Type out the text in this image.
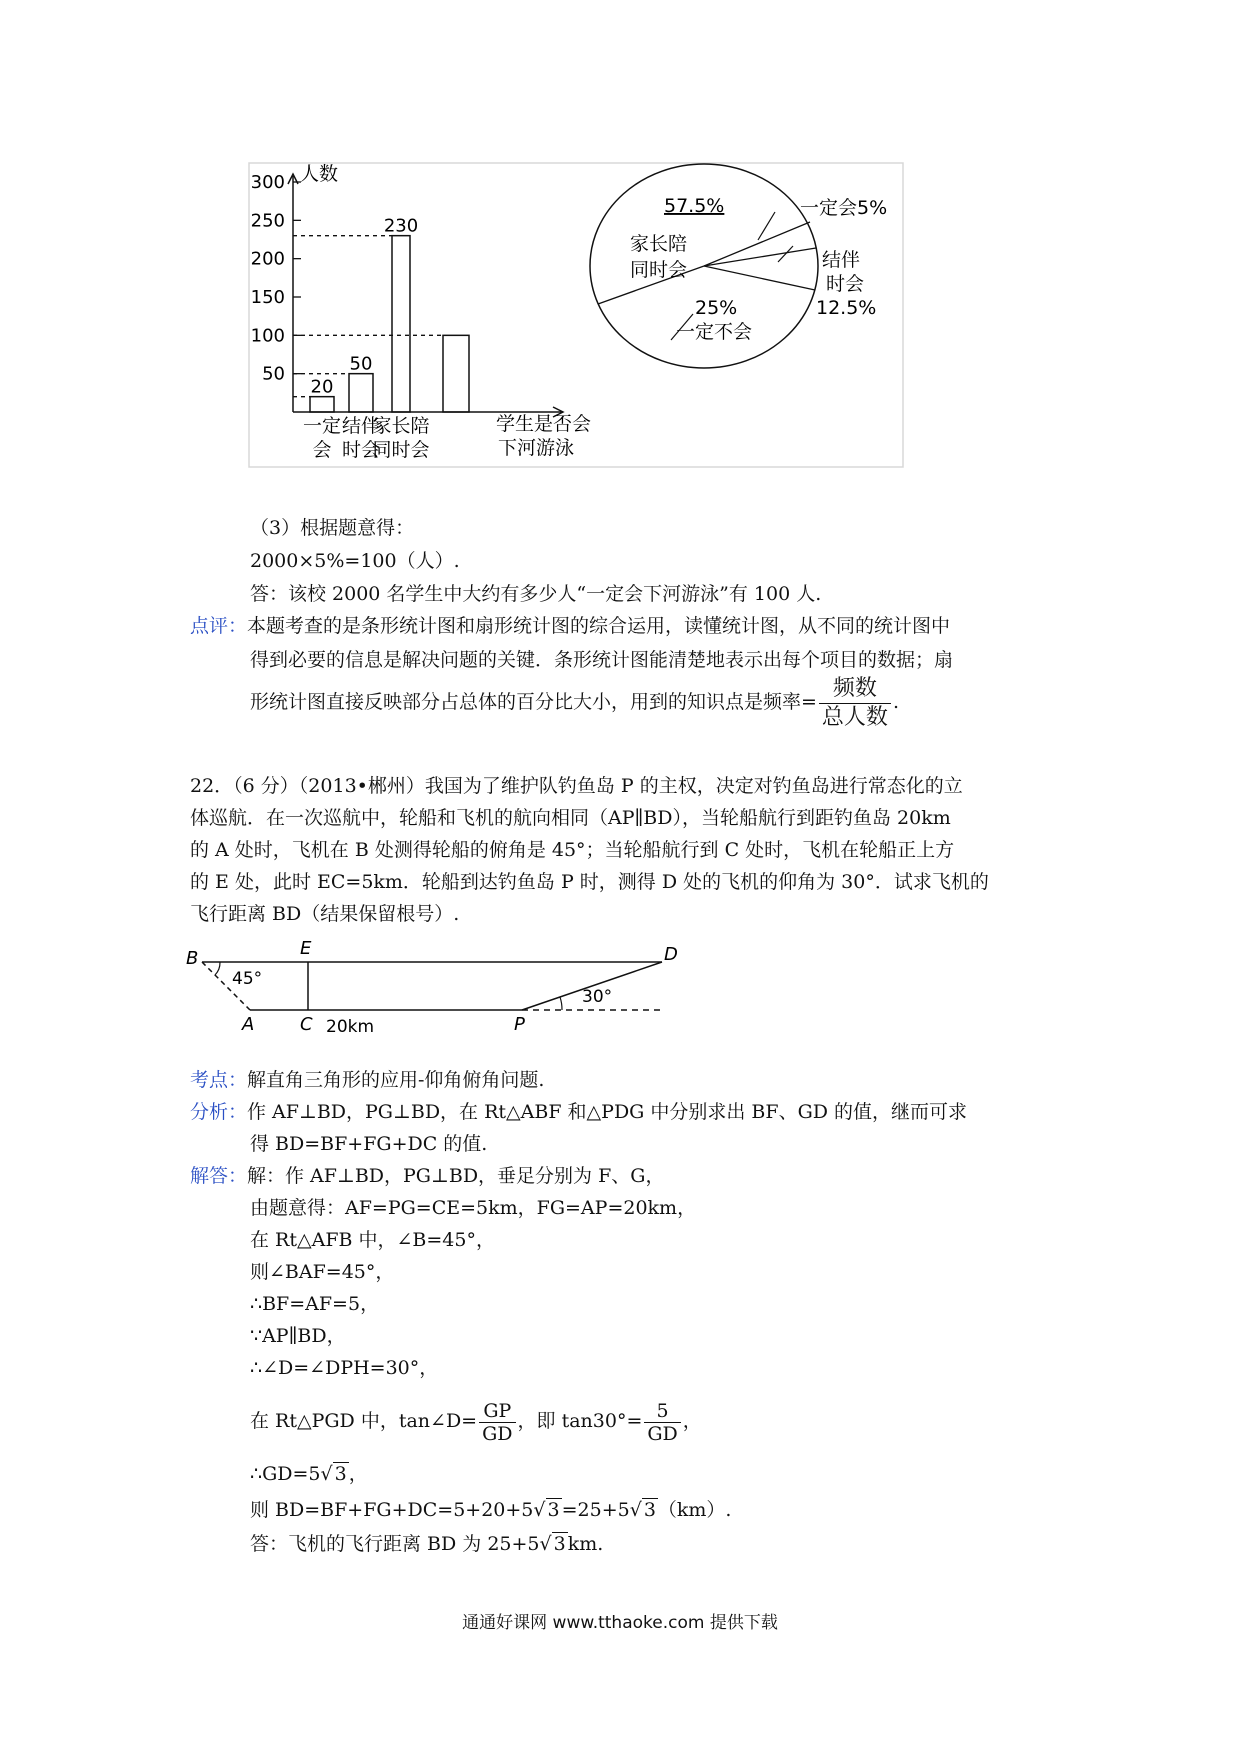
人数
300
250
200
150
100
50
20
50
230
一定
会
结伴
时会
家长陪
同时会
学生是否会
下河游泳
57.5%
家长陪
同时会
一定会5%
结伴
时会
12.5%
25%
一定不会
（3）根据题意得：
2000×5%=100（人）.
答：该校 2000 名学生中大约有多少人“一定会下河游泳”有 100 人.
点评：本题考查的是条形统计图和扇形统计图的综合运用，读懂统计图，从不同的统计图中
得到必要的信息是解决问题的关键．条形统计图能清楚地表示出每个项目的数据；扇
形统计图直接反映部分占总体的百分比大小，用到的知识点是频率= $\frac{\text{频数}}{\text{总人数}}$ .
22．（6 分）（2013•郴州）我国为了维护队钓鱼岛 P 的主权，决定对钓鱼岛进行常态化的立
体巡航．在一次巡航中，轮船和飞机的航向相同（AP∥BD），当轮船航行到距钓鱼岛 20km
的 A 处时，飞机在 B 处测得轮船的俯角是 45°；当轮船航行到 C 处时，飞机在轮船正上方
的 E 处，此时 EC=5km．轮船到达钓鱼岛 P 时，测得 D 处的飞机的仰角为 30°．试求飞机的
飞行距离 BD（结果保留根号）.
B	E	D
A	C	P
45°
30°
20km
考点：解直角三角形的应用-仰角俯角问题.
分析：作 AF⊥BD，PG⊥BD，在 Rt△ABF 和△PDG 中分别求出 BF、GD 的值，继而可求
得 BD=BF+FG+DC 的值.
解答：解：作 AF⊥BD，PG⊥BD，垂足分别为 F、G，
由题意得：AF=PG=CE=5km，FG=AP=20km，
在 Rt△AFB 中，∠B=45°，
则∠BAF=45°，
∴BF=AF=5，
∵AP∥BD，
∴∠D=∠DPH=30°，
在 Rt△PGD 中，tan∠D= $\frac{GP}{GD}$ ，即 $\tan 30^\circ= \frac{5}{GD}$ ，
∴GD=5√ 3 ，
则 BD=BF+FG+DC=5+20+5√ 3 =25+5√ 3 （km）.
答：飞机的飞行距离 BD 为 25+5√ 3 km.
通通好课网 www.tthaoke.com 提供下载
